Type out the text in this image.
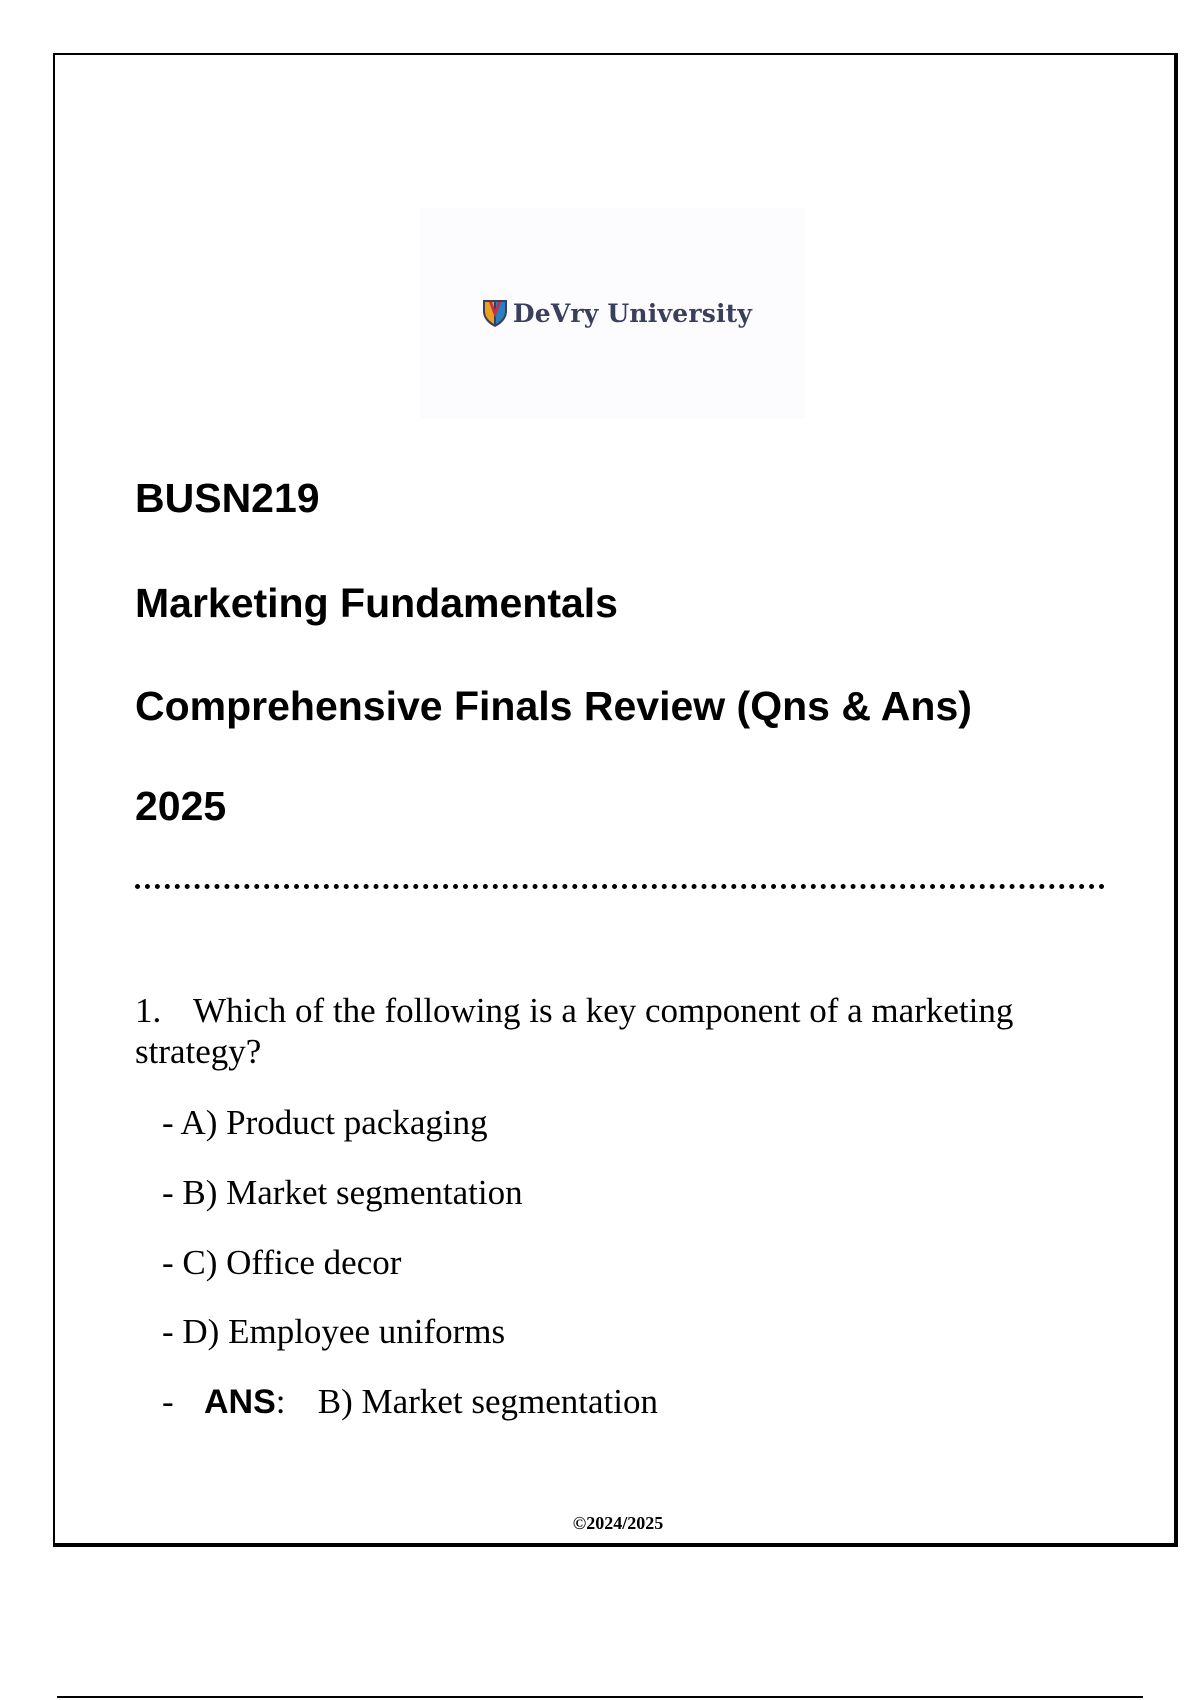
DeVry University
BUSN219
Marketing Fundamentals
Comprehensive Finals Review (Qns & Ans)
2025

1. Which of the following is a key component of a marketing strategy?

- A) Product packaging

- B) Market segmentation

- C) Office decor

- D) Employee uniforms

- ANS: B) Market segmentation
©2024/2025
